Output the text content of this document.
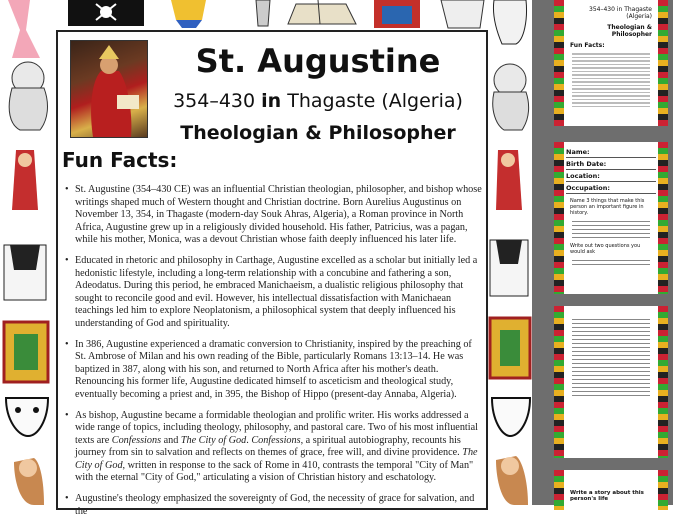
St. Augustine
354–430 in Thagaste (Algeria)
Theologian & Philosopher
Fun Facts:
• St. Augustine (354–430 CE) was an influential Christian theologian, philosopher, and bishop whose writings shaped much of Western thought and Christian doctrine. Born Aurelius Augustinus on November 13, 354, in Thagaste (modern-day Souk Ahras, Algeria), a Roman province in North Africa, Augustine grew up in a religiously divided household. His father, Patricius, was a pagan, while his mother, Monica, was a devout Christian whose faith deeply influenced his later life.
• Educated in rhetoric and philosophy in Carthage, Augustine excelled as a scholar but initially led a hedonistic lifestyle, including a long-term relationship with a concubine and fathering a son, Adeodatus. During this period, he embraced Manichaeism, a dualistic religious philosophy that sought to reconcile good and evil. However, his intellectual dissatisfaction with Manichaean teachings led him to explore Neoplatonism, a philosophical system that deeply influenced his understanding of God and spirituality.
• In 386, Augustine experienced a dramatic conversion to Christianity, inspired by the preaching of St. Ambrose of Milan and his own reading of the Bible, particularly Romans 13:13–14. He was baptized in 387, along with his son, and returned to North Africa after his mother's death. Renouncing his former life, Augustine dedicated himself to asceticism and theological study, eventually becoming a priest and, in 395, the Bishop of Hippo (present-day Annaba, Algeria).
• As bishop, Augustine became a formidable theologian and prolific writer. His works addressed a wide range of topics, including theology, philosophy, and pastoral care. Two of his most influential texts are Confessions and The City of God. Confessions, a spiritual autobiography, recounts his journey from sin to salvation and reflects on themes of grace, free will, and divine providence. The City of God, written in response to the sack of Rome in 410, contrasts the temporal "City of Man" with the eternal "City of God," articulating a vision of Christian history and eschatology.
• Augustine's theology emphasized the sovereignty of God, the necessity of grace for salvation, and the
354–430 in Thagaste (Algeria)
Theologian & Philosopher
Fun Facts:
Name:
Birth Date:
Location:
Occupation:
Name 3 things that make this person an important figure in history.
Write out two questions you would ask
Write a story about this person's life
